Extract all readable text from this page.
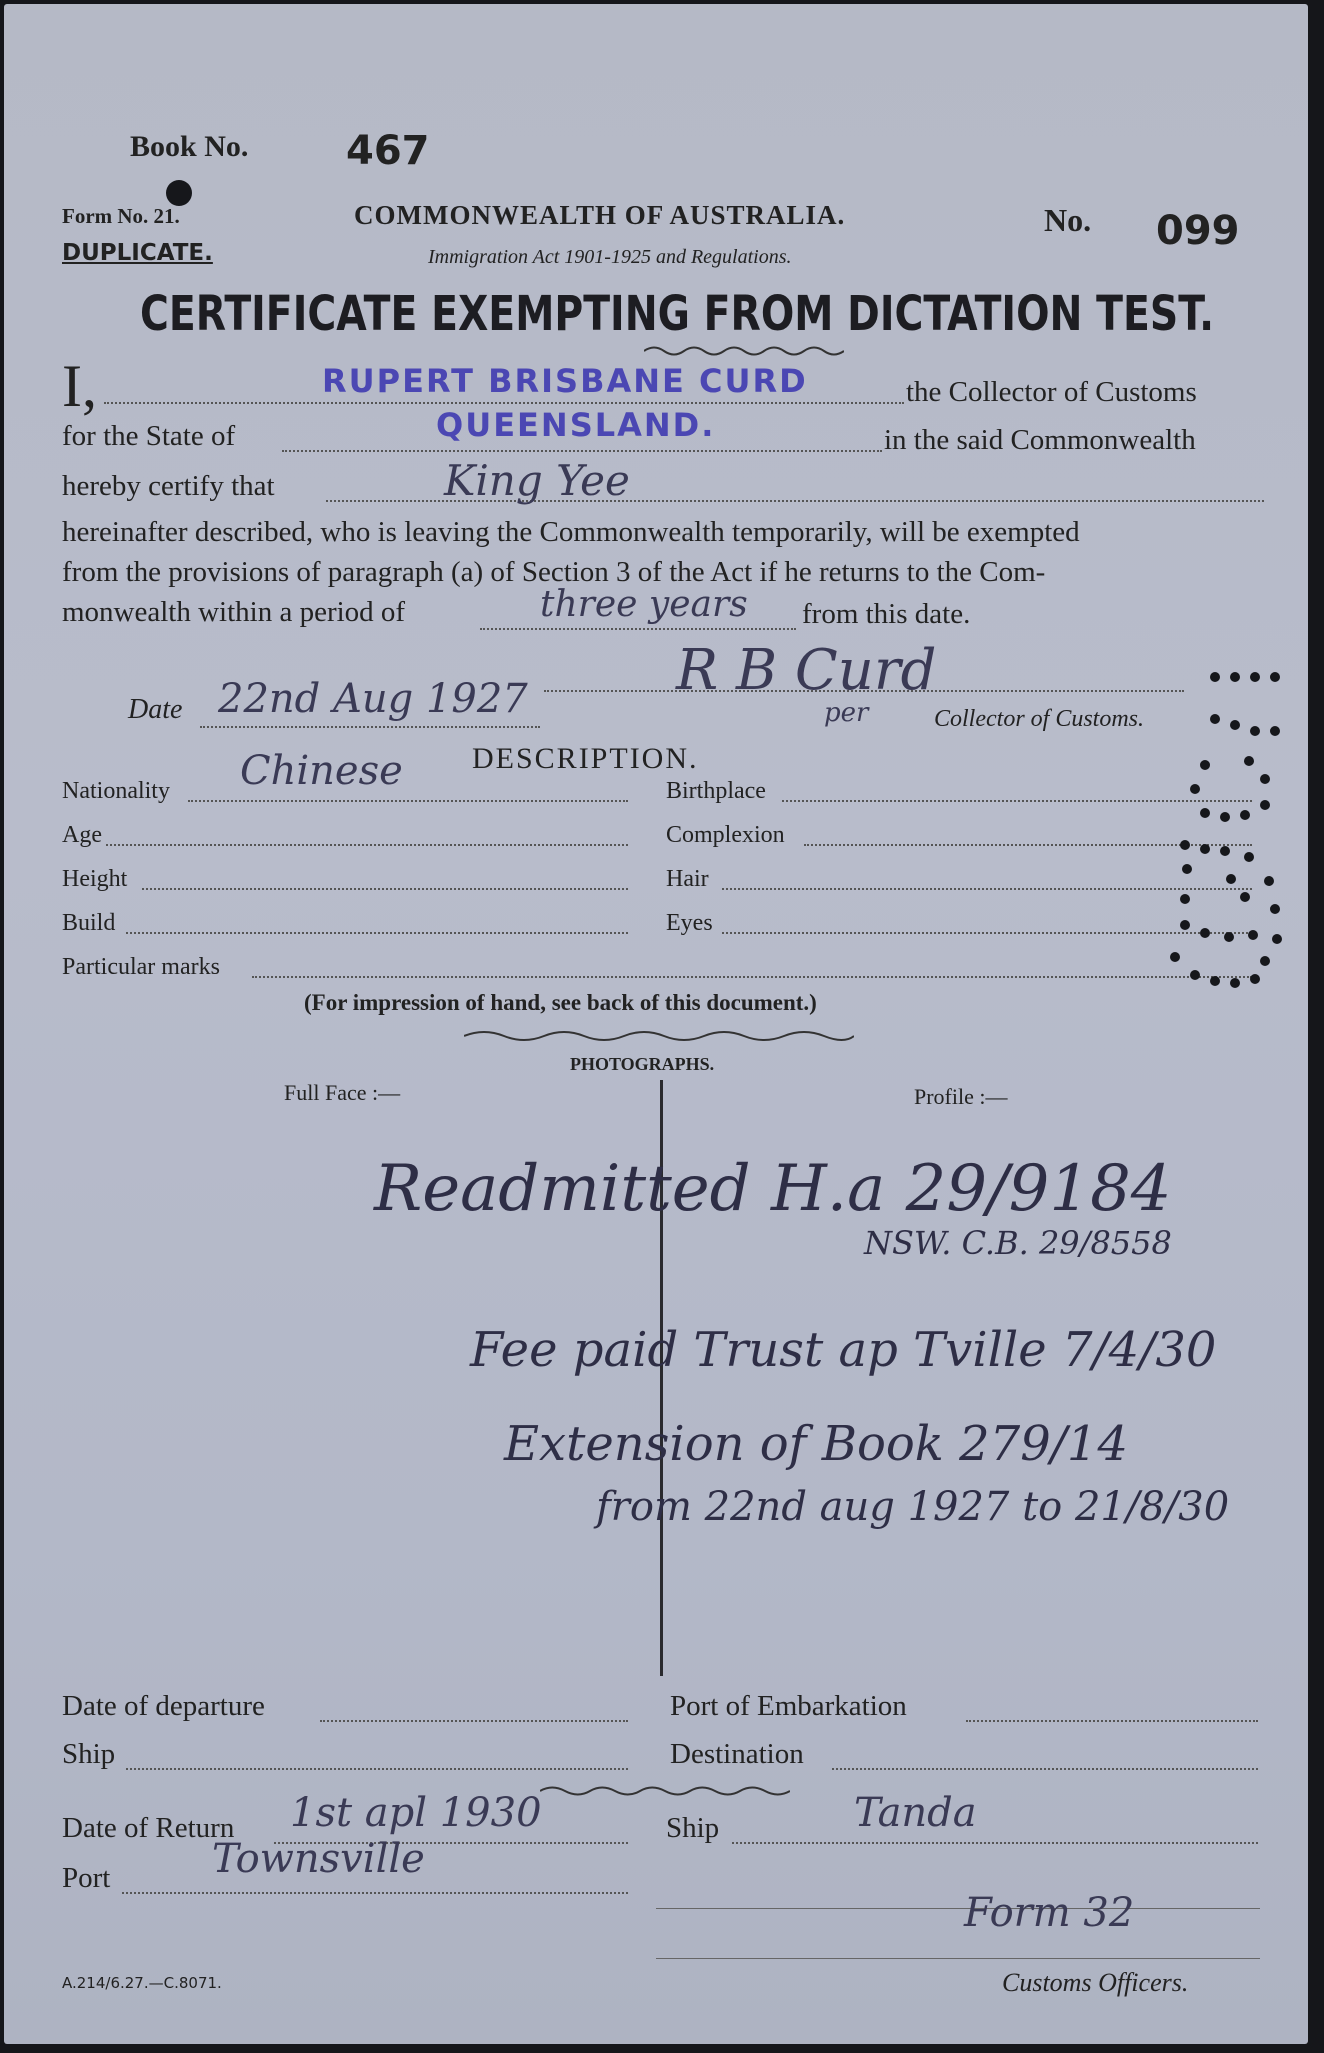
Book No. 467
Form No. 21.
DUPLICATE.
COMMONWEALTH OF AUSTRALIA.
Immigration Act 1901-1925 and Regulations.
No. 099
CERTIFICATE EXEMPTING FROM DICTATION TEST.
I,	RUPERT BRISBANE CURD	the Collector of Customs
for the State of	QUEENSLAND.	in the said Commonwealth
hereby certify that	King Yee
hereinafter described, who is leaving the Commonwealth temporarily, will be exempted
from the provisions of paragraph (a) of Section 3 of the Act if he returns to the Com-
monwealth within a period of	three years from this date.
Date 22nd Aug 1927	R B Curd
per	Collector of Customs.
DESCRIPTION.
Nationality Chinese	Birthplace
Age	Complexion
Height	Hair
Build	Eyes
Particular marks
(For impression of hand, see back of this document.)
PHOTOGRAPHS.
Full Face :—	Profile :—
Readmitted H.a 29/9184
NSW. C.B. 29/8558
Fee paid Trust ap Tville 7/4/30
Extension of Book 279/14
from 22nd aug 1927 to 21/8/30
Date of departure	Port of Embarkation
Ship	Destination
Date of Return 1st apl 1930	Ship	Tanda
Port	Townsville
Form 32
A.214/6.27.—C.8071.	Customs Officers.
